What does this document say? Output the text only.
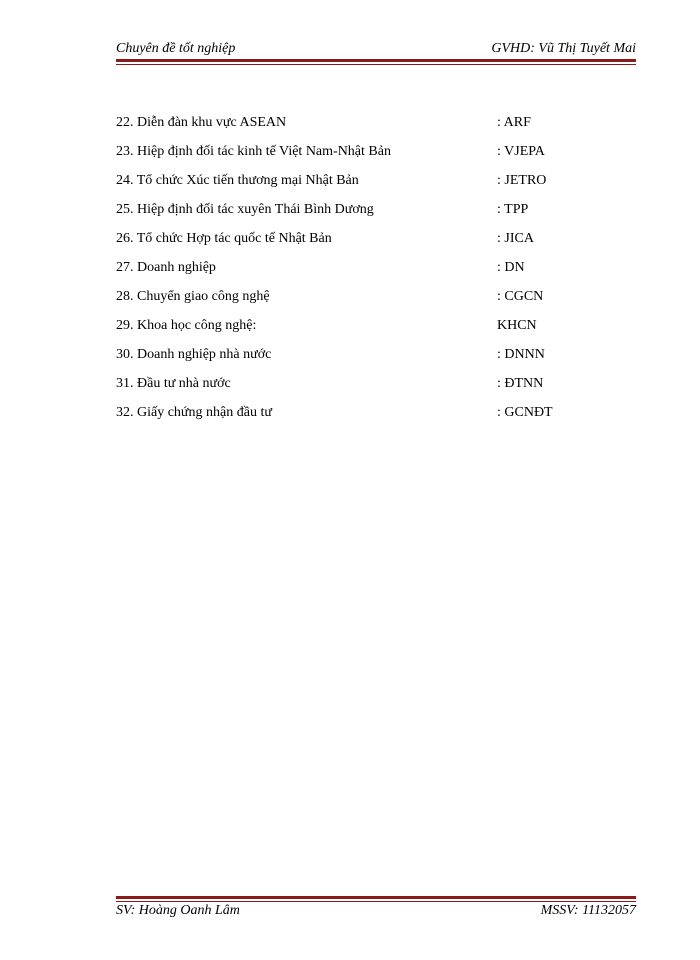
Chuyên đề tốt nghiệp	GVHD: Vũ Thị Tuyết Mai
22. Diễn đàn khu vực ASEAN	: ARF
23. Hiệp định đối tác kinh tế Việt Nam-Nhật Bản	: VJEPA
24. Tổ chức Xúc tiến thương mại Nhật Bản	: JETRO
25. Hiệp định đối tác xuyên Thái Bình Dương	: TPP
26. Tổ chức Hợp tác quốc tế Nhật Bản	: JICA
27. Doanh nghiệp	: DN
28. Chuyển giao công nghệ	: CGCN
29. Khoa học công nghệ:	KHCN
30. Doanh nghiệp nhà nước	: DNNN
31. Đầu tư nhà nước	: ĐTNN
32. Giấy chứng nhận đầu tư	: GCNĐT
SV: Hoàng Oanh Lâm	MSSV: 11132057
